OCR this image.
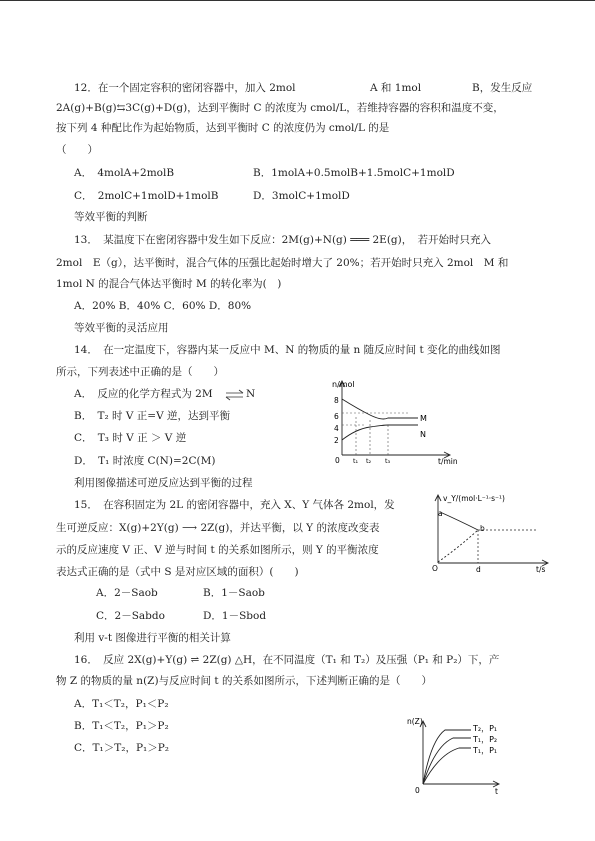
12．在一个固定容积的密闭容器中，加入 2mol	A 和 1mol	B，发生反应
2A(g)+B(g)⇆3C(g)+D(g)，达到平衡时 C 的浓度为 cmol/L，若维持容器的容积和温度不变，
按下列 4 种配比作为起始物质，达到平衡时 C 的浓度仍为 cmol/L 的是
（　　）
A．　4molA+2molB	B．1molA+0.5molB+1.5molC+1molD
C．　2molC+1molD+1molB	D．3molC+1molD
等效平衡的判断
13．　某温度下在密闭容器中发生如下反应：2M(g)+N(g) ═══ 2E(g)，　若开始时只充入
2mol　E（g），达平衡时，混合气体的压强比起始时增大了 20%；若开始时只充入 2mol　M 和
1mol N 的混合气体达平衡时 M 的转化率为(　)
A．20% B．40% C．60% D．80%
等效平衡的灵活应用
14．　在一定温度下，容器内某一反应中 M、N 的物质的量 n 随反应时间 t 变化的曲线如图
所示，下列表述中正确的是（　　）
A．　反应的化学方程式为 2M ⇌ N
B．　T₂ 时 V 正=V 逆，达到平衡
C．　T₃ 时 V 正 ＞ V 逆
D．　T₁ 时浓度 C(N)=2C(M)
利用图像描述可逆反应达到平衡的过程
n/mol
t/min
8
6
4
2
0
M
N
t₁ t₂ t₃
15．　在容积固定为 2L 的密闭容器中，充入 X、Y 气体各 2mol，发
生可逆反应：X(g)+2Y(g) ⟶ 2Z(g)，并达平衡，以 Y 的浓度改变表
示的反应速度 V 正、V 逆与时间 t 的关系如图所示，则 Y 的平衡浓度
表达式正确的是（式中 S 是对应区域的面积）(　　)
A．2－Saob	B．1－Saob
C．2－Sabdo	D．1－Sbod
利用 v-t 图像进行平衡的相关计算
v_Y/(mol·L⁻¹·s⁻¹)
t/s
O
a
b
d
16．　反应 2X(g)+Y(g) ⇌ 2Z(g) △H，在不同温度（T₁ 和 T₂）及压强（P₁ 和 P₂）下，产
物 Z 的物质的量 n(Z)与反应时间 t 的关系如图所示，下述判断正确的是（　　）
A．T₁＜T₂，P₁＜P₂
B．T₁＜T₂，P₁＞P₂
C．T₁＞T₂，P₁＞P₂
n(Z)
t
0
T₂，P₁
T₁，P₂
T₁，P₁
